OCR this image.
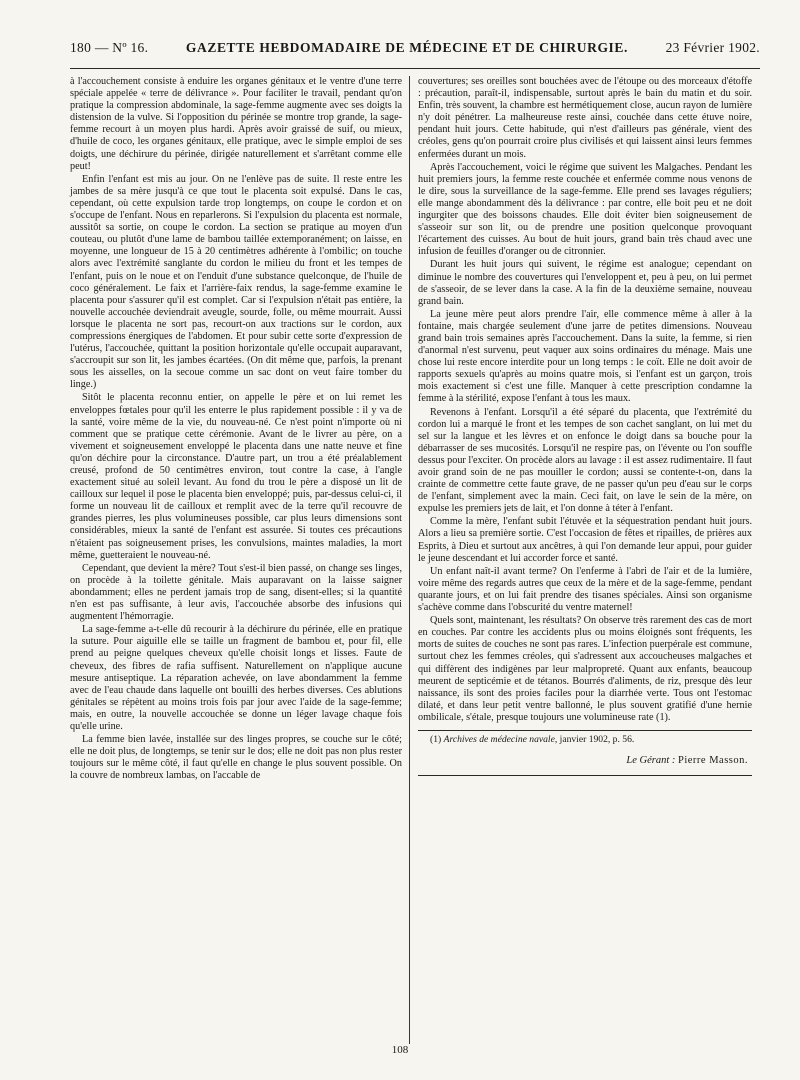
180 — Nº 16.	GAZETTE HEBDOMADAIRE DE MÉDECINE ET DE CHIRURGIE.	23 Février 1902.

à l'accouchement consiste à enduire les organes génitaux et le ventre d'une terre spéciale appelée « terre de délivrance ». Pour faciliter le travail, pendant qu'on pratique la compression abdominale, la sage-femme augmente avec ses doigts la distension de la vulve. Si l'opposition du périnée se montre trop grande, la sage-femme recourt à un moyen plus hardi. Après avoir graissé de suif, ou mieux, d'huile de coco, les organes génitaux, elle pratique, avec le simple emploi de ses doigts, une déchirure du périnée, dirigée naturellement et s'arrêtant comme elle peut!

Enfin l'enfant est mis au jour. On ne l'enlève pas de suite. Il reste entre les jambes de sa mère jusqu'à ce que tout le placenta soit expulsé. Dans le cas, cependant, où cette expulsion tarde trop longtemps, on coupe le cordon et on s'occupe de l'enfant. Nous en reparlerons. Si l'expulsion du placenta est normale, aussitôt sa sortie, on coupe le cordon. La section se pratique au moyen d'un couteau, ou plutôt d'une lame de bambou taillée extemporanément; on laisse, en moyenne, une longueur de 15 à 20 centimètres adhérente à l'ombilic; on touche alors avec l'extrémité sanglante du cordon le milieu du front et les tempes de l'enfant, puis on le noue et on l'enduit d'une substance quelconque, de l'huile de coco généralement. Le faix et l'arrière-faix rendus, la sage-femme examine le placenta pour s'assurer qu'il est complet. Car si l'expulsion n'était pas entière, la nouvelle accouchée deviendrait aveugle, sourde, folle, ou même mourrait. Aussi lorsque le placenta ne sort pas, recourt-on aux tractions sur le cordon, aux compressions énergiques de l'abdomen. Et pour subir cette sorte d'expression de l'utérus, l'accouchée, quittant la position horizontale qu'elle occupait auparavant, s'accroupit sur son lit, les jambes écartées. (On dit même que, parfois, la prenant sous les aisselles, on la secoue comme un sac dont on veut faire tomber du linge.)

Sitôt le placenta reconnu entier, on appelle le père et on lui remet les enveloppes fœtales pour qu'il les enterre le plus rapidement possible : il y va de la santé, voire même de la vie, du nouveau-né. Ce n'est point n'importe où ni comment que se pratique cette cérémonie. Avant de le livrer au père, on a vivement et soigneusement enveloppé le placenta dans une natte neuve et fine qu'on déchire pour la circonstance. D'autre part, un trou a été préalablement creusé, profond de 50 centimètres environ, tout contre la case, à l'angle exactement situé au soleil levant. Au fond du trou le père a disposé un lit de cailloux sur lequel il pose le placenta bien enveloppé; puis, par-dessus celui-ci, il forme un nouveau lit de cailloux et remplit avec de la terre qu'il recouvre de grandes pierres, les plus volumineuses possible, car plus leurs dimensions sont considérables, mieux la santé de l'enfant est assurée. Si toutes ces précautions n'étaient pas soigneusement prises, les convulsions, maintes maladies, la mort même, guetteraient le nouveau-né.

Cependant, que devient la mère? Tout s'est-il bien passé, on change ses linges, on procède à la toilette génitale. Mais auparavant on la laisse saigner abondamment; elles ne perdent jamais trop de sang, disent-elles; si la quantité n'en est pas suffisante, à leur avis, l'accouchée absorbe des infusions qui augmentent l'hémorragie.

La sage-femme a-t-elle dû recourir à la déchirure du périnée, elle en pratique la suture. Pour aiguille elle se taille un fragment de bambou et, pour fil, elle prend au peigne quelques cheveux qu'elle choisit longs et lisses. Faute de cheveux, des fibres de rafia suffisent. Naturellement on n'applique aucune mesure antiseptique. La réparation achevée, on lave abondamment la femme avec de l'eau chaude dans laquelle ont bouilli des herbes diverses. Ces ablutions génitales se répètent au moins trois fois par jour avec l'aide de la sage-femme; mais, en outre, la nouvelle accouchée se donne un léger lavage chaque fois qu'elle urine.

La femme bien lavée, installée sur des linges propres, se couche sur le côté; elle ne doit plus, de longtemps, se tenir sur le dos; elle ne doit pas non plus rester toujours sur le même côté, il faut qu'elle en change le plus souvent possible. On la couvre de nombreux lambas, on l'accable de

couvertures; ses oreilles sont bouchées avec de l'étoupe ou des morceaux d'étoffe : précaution, paraît-il, indispensable, surtout après le bain du matin et du soir. Enfin, très souvent, la chambre est hermétiquement close, aucun rayon de lumière n'y doit pénétrer. La malheureuse reste ainsi, couchée dans cette étuve noire, pendant huit jours. Cette habitude, qui n'est d'ailleurs pas générale, vient des créoles, gens qu'on pourrait croire plus civilisés et qui laissent ainsi leurs femmes enfermées durant un mois.

Après l'accouchement, voici le régime que suivent les Malgaches. Pendant les huit premiers jours, la femme reste couchée et enfermée comme nous venons de le dire, sous la surveillance de la sage-femme. Elle prend ses lavages réguliers; elle mange abondamment dès la délivrance : par contre, elle boit peu et ne doit ingurgiter que des boissons chaudes. Elle doit éviter bien soigneusement de s'asseoir sur son lit, ou de prendre une position quelconque provoquant l'écartement des cuisses. Au bout de huit jours, grand bain très chaud avec une infusion de feuilles d'oranger ou de citronnier.

Durant les huit jours qui suivent, le régime est analogue; cependant on diminue le nombre des couvertures qui l'enveloppent et, peu à peu, on lui permet de s'asseoir, de se lever dans la case. A la fin de la deuxième semaine, nouveau grand bain.

La jeune mère peut alors prendre l'air, elle commence même à aller à la fontaine, mais chargée seulement d'une jarre de petites dimensions. Nouveau grand bain trois semaines après l'accouchement. Dans la suite, la femme, si rien d'anormal n'est survenu, peut vaquer aux soins ordinaires du ménage. Mais une chose lui reste encore interdite pour un long temps : le coït. Elle ne doit avoir de rapports sexuels qu'après au moins quatre mois, si l'enfant est un garçon, trois mois exactement si c'est une fille. Manquer à cette prescription condamne la femme à la stérilité, expose l'enfant à tous les maux.

Revenons à l'enfant. Lorsqu'il a été séparé du placenta, que l'extrémité du cordon lui a marqué le front et les tempes de son cachet sanglant, on lui met du sel sur la langue et les lèvres et on enfonce le doigt dans sa bouche pour la débarrasser de ses mucosités. Lorsqu'il ne respire pas, on l'évente ou l'on souffle dessus pour l'exciter. On procède alors au lavage : il est assez rudimentaire. Il faut avoir grand soin de ne pas mouiller le cordon; aussi se contente-t-on, dans la crainte de commettre cette faute grave, de ne passer qu'un peu d'eau sur le corps de l'enfant, simplement avec la main. Ceci fait, on lave le sein de la mère, on expulse les premiers jets de lait, et l'on donne à téter à l'enfant.

Comme la mère, l'enfant subit l'étuvée et la séquestration pendant huit jours. Alors a lieu sa première sortie. C'est l'occasion de fêtes et ripailles, de prières aux Esprits, à Dieu et surtout aux ancêtres, à qui l'on demande leur appui, pour guider le jeune descendant et lui accorder force et santé.

Un enfant naît-il avant terme? On l'enferme à l'abri de l'air et de la lumière, voire même des regards autres que ceux de la mère et de la sage-femme, pendant quarante jours, et on lui fait prendre des tisanes spéciales. Ainsi son organisme s'achève comme dans l'obscurité du ventre maternel!

Quels sont, maintenant, les résultats? On observe très rarement des cas de mort en couches. Par contre les accidents plus ou moins éloignés sont fréquents, les morts de suites de couches ne sont pas rares. L'infection puerpérale est commune, surtout chez les femmes créoles, qui s'adressent aux accoucheuses malgaches et qui diffèrent des indigènes par leur malpropreté. Quant aux enfants, beaucoup meurent de septicémie et de tétanos. Bourrés d'aliments, de riz, presque dès leur naissance, ils sont des proies faciles pour la diarrhée verte. Tous ont l'estomac dilaté, et dans leur petit ventre ballonné, le plus souvent gratifié d'une hernie ombilicale, s'étale, presque toujours une volumineuse rate (1).

(1) Archives de médecine navale, janvier 1902, p. 56.

Le Gérant : Pierre Masson.
108
